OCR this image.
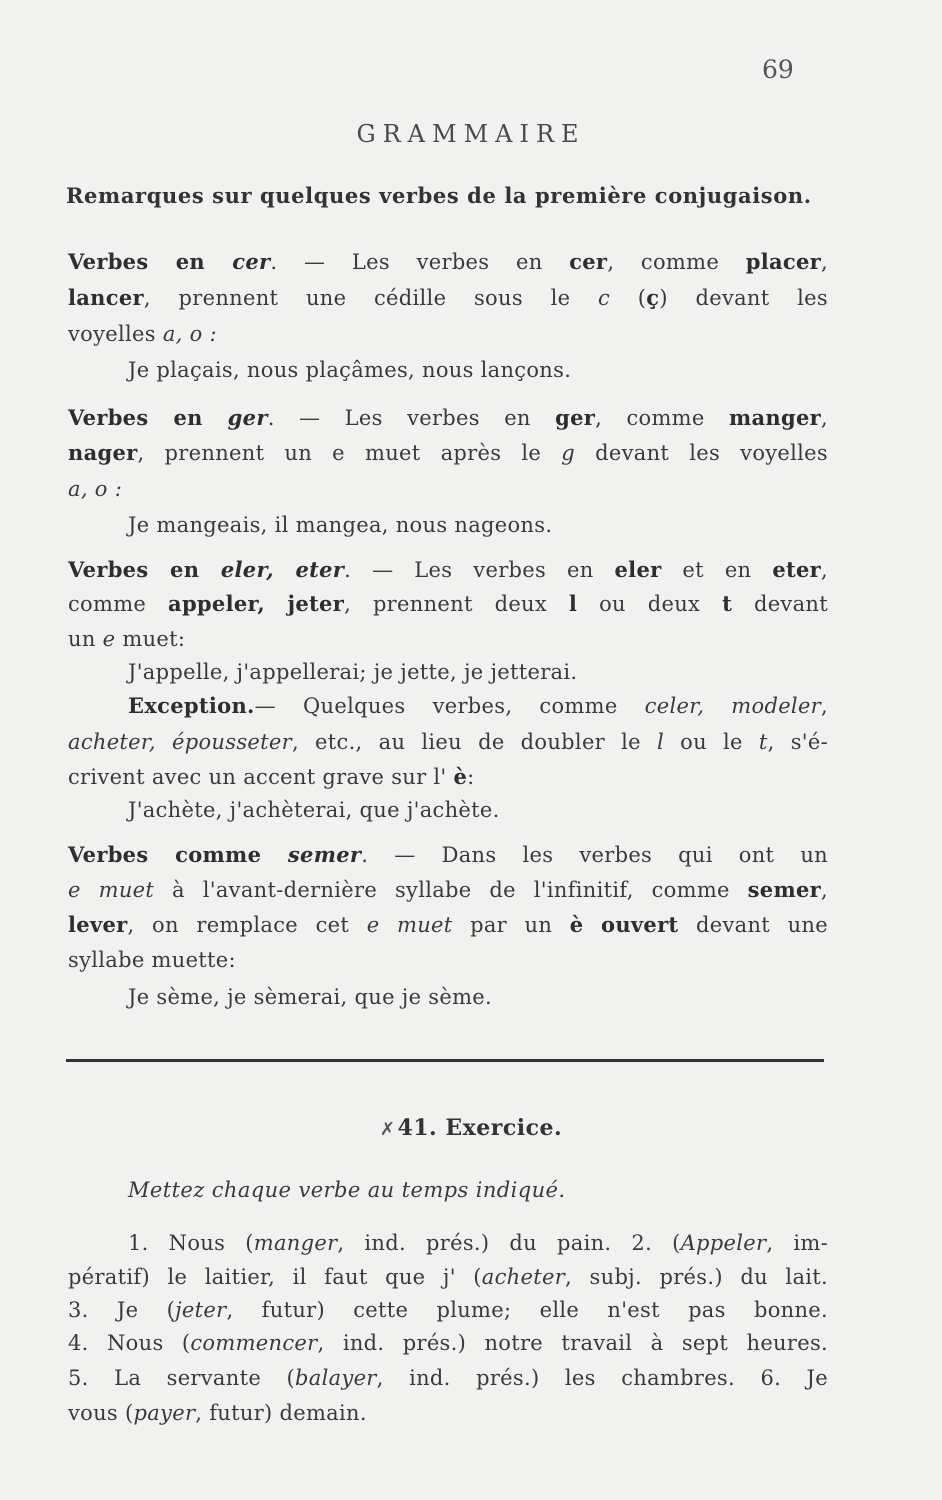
69
GRAMMAIRE
Remarques sur quelques verbes de la première conjugaison.
Verbes en cer. — Les verbes en cer, comme placer,
lancer, prennent une cédille sous le c (ç) devant les
voyelles a, o :
Je plaçais, nous plaçâmes, nous lançons.
Verbes en ger. — Les verbes en ger, comme manger,
nager, prennent un e muet après le g devant les voyelles
a, o :
Je mangeais, il mangea, nous nageons.
Verbes en eler, eter. — Les verbes en eler et en eter,
comme appeler, jeter, prennent deux l ou deux t devant
un e muet:
J'appelle, j'appellerai; je jette, je jetterai.
Exception.— Quelques verbes, comme celer, modeler,
acheter, épousseter, etc., au lieu de doubler le l ou le t, s'é-
crivent avec un accent grave sur l' è:
J'achète, j'achèterai, que j'achète.
Verbes comme semer. — Dans les verbes qui ont un
e muet à l'avant-dernière syllabe de l'infinitif, comme semer,
lever, on remplace cet e muet par un è ouvert devant une
syllabe muette:
Je sème, je sèmerai, que je sème.
✗41. Exercice.
Mettez chaque verbe au temps indiqué.
1. Nous (manger, ind. prés.) du pain. 2. (Appeler, im-
pératif) le laitier, il faut que j' (acheter, subj. prés.) du lait.
3. Je (jeter, futur) cette plume; elle n'est pas bonne.
4. Nous (commencer, ind. prés.) notre travail à sept heures.
5. La servante (balayer, ind. prés.) les chambres. 6. Je
vous (payer, futur) demain.
